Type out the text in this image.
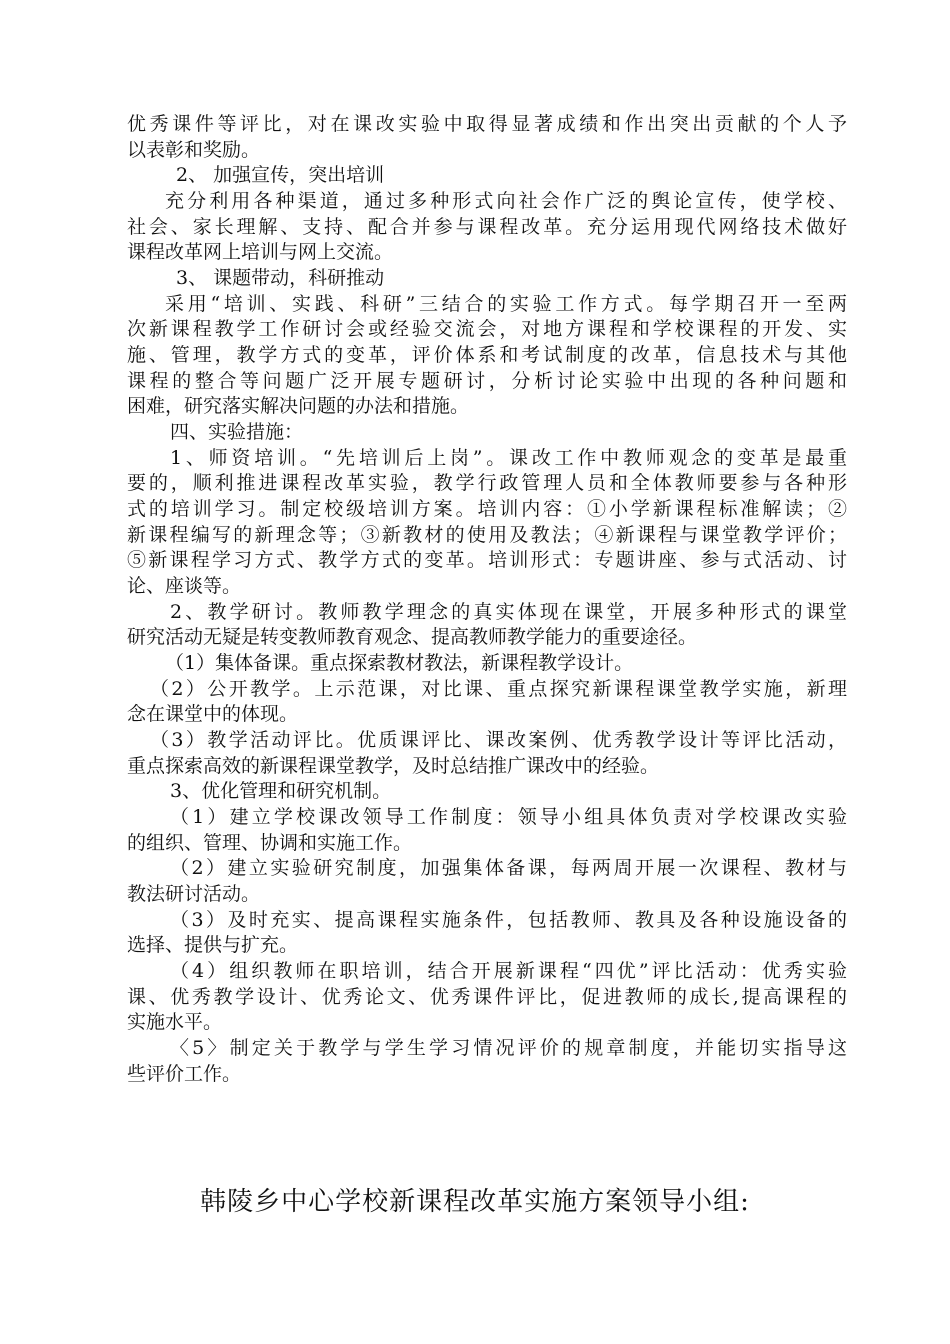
优秀课件等评比，对在课改实验中取得显著成绩和作出突出贡献的个人予
以表彰和奖励。
2、 加强宣传，突出培训
充分利用各种渠道，通过多种形式向社会作广泛的舆论宣传，使学校、
社会、家长理解、支持、配合并参与课程改革。充分运用现代网络技术做好
课程改革网上培训与网上交流。
3、 课题带动，科研推动
采用“培训、实践、科研”三结合的实验工作方式。每学期召开一至两
次新课程教学工作研讨会或经验交流会，对地方课程和学校课程的开发、实
施、管理，教学方式的变革，评价体系和考试制度的改革，信息技术与其他
课程的整合等问题广泛开展专题研讨，分析讨论实验中出现的各种问题和
困难，研究落实解决问题的办法和措施。
四、实验措施：
1、师资培训。“先培训后上岗”。课改工作中教师观念的变革是最重
要的，顺利推进课程改革实验，教学行政管理人员和全体教师要参与各种形
式的培训学习。制定校级培训方案。培训内容：①小学新课程标准解读；②
新课程编写的新理念等；③新教材的使用及教法；④新课程与课堂教学评价；
⑤新课程学习方式、教学方式的变革。培训形式：专题讲座、参与式活动、讨
论、座谈等。
2、教学研讨。教师教学理念的真实体现在课堂，开展多种形式的课堂
研究活动无疑是转变教师教育观念、提高教师教学能力的重要途径。
（1）集体备课。重点探索教材教法，新课程教学设计。
（2）公开教学。上示范课，对比课、重点探究新课程课堂教学实施，新理
念在课堂中的体现。
（3）教学活动评比。优质课评比、课改案例、优秀教学设计等评比活动，
重点探索高效的新课程课堂教学，及时总结推广课改中的经验。
3、优化管理和研究机制。
（1）建立学校课改领导工作制度：领导小组具体负责对学校课改实验
的组织、管理、协调和实施工作。
（2）建立实验研究制度，加强集体备课，每两周开展一次课程、教材与
教法研讨活动。
（3）及时充实、提高课程实施条件，包括教师、教具及各种设施设备的
选择、提供与扩充。
（4）组织教师在职培训，结合开展新课程“四优”评比活动：优秀实验
课、优秀教学设计、优秀论文、优秀课件评比，促进教师的成长,提高课程的
实施水平。
〈5〉制定关于教学与学生学习情况评价的规章制度，并能切实指导这
些评价工作。
韩陵乡中心学校新课程改革实施方案领导小组:
